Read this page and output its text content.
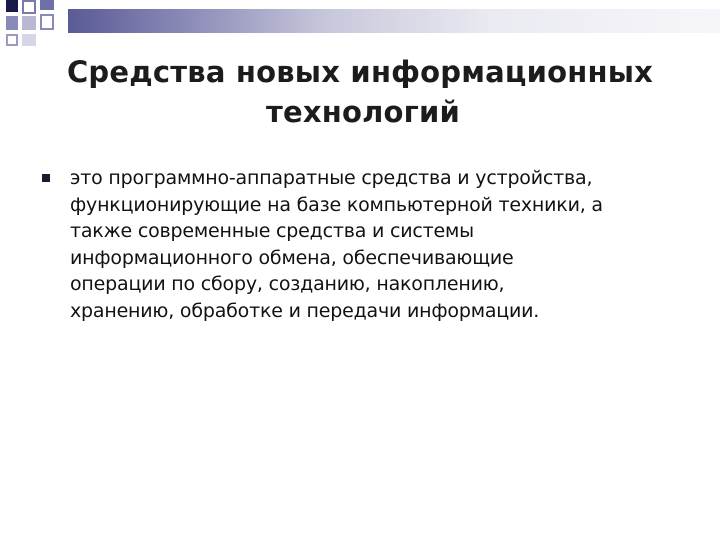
Средства новых информационных
технологий
это программно-аппаратные средства и устройства,
функционирующие на базе компьютерной техники, а
также современные средства и системы
информационного обмена, обеспечивающие
операции по сбору, созданию, накоплению,
хранению, обработке и передачи информации.
